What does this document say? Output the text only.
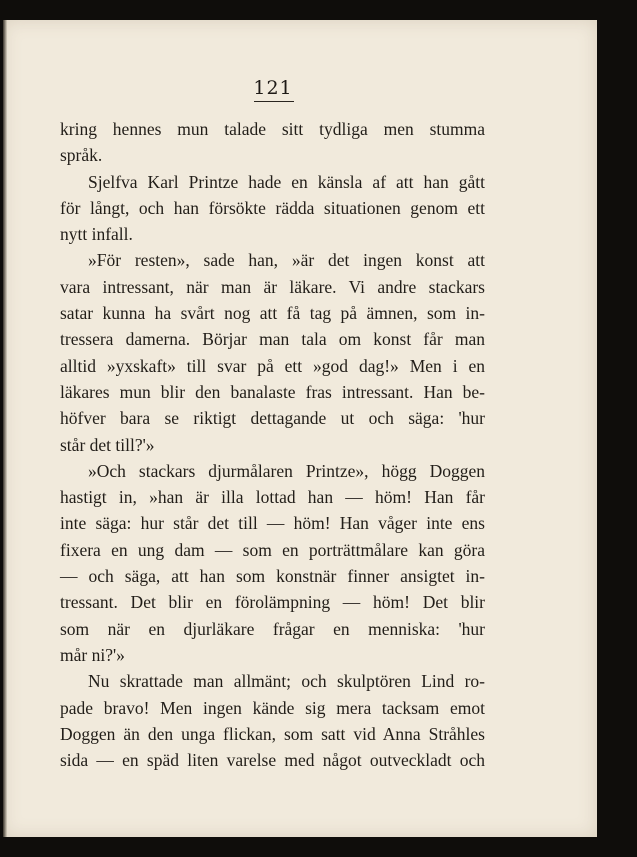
121
kring hennes mun talade sitt tydliga men stumma
språk.
Sjelfva Karl Printze hade en känsla af att han gått
för långt, och han försökte rädda situationen genom ett
nytt infall.
»För resten», sade han, »är det ingen konst att
vara intressant, när man är läkare. Vi andre stackars
satar kunna ha svårt nog att få tag på ämnen, som in-
tressera damerna. Börjar man tala om konst får man
alltid »yxskaft» till svar på ett »god dag!» Men i en
läkares mun blir den banalaste fras intressant. Han be-
höfver bara se riktigt dettagande ut och säga: 'hur
står det till?'»
»Och stackars djurmålaren Printze», högg Doggen
hastigt in, »han är illa lottad han — höm! Han får
inte säga: hur står det till — höm! Han våger inte ens
fixera en ung dam — som en porträttmålare kan göra
— och säga, att han som konstnär finner ansigtet in-
tressant. Det blir en förolämpning — höm! Det blir
som när en djurläkare frågar en menniska: 'hur
mår ni?'»
Nu skrattade man allmänt; och skulptören Lind ro-
pade bravo! Men ingen kände sig mera tacksam emot
Doggen än den unga flickan, som satt vid Anna Stråhles
sida — en späd liten varelse med något outveckladt och
